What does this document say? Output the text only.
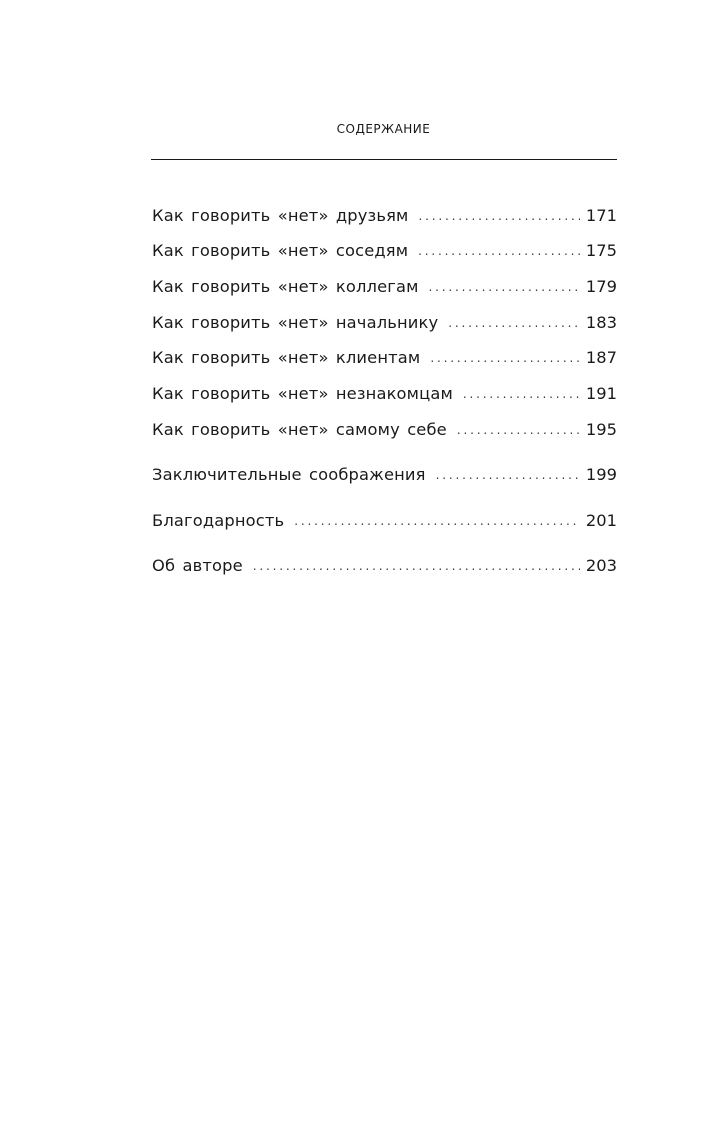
СОДЕРЖАНИЕ
Как говорить «нет» друзьям . . .	171
Как говорить «нет» соседям . . .	175
Как говорить «нет» коллегам . . .	179
Как говорить «нет» начальнику . . .	183
Как говорить «нет» клиентам . . .	187
Как говорить «нет» незнакомцам . . .	191
Как говорить «нет» самому себе . . .	195
Заключительные соображения . . .	199
Благодарность . . .	201
Об авторе . . .	203
